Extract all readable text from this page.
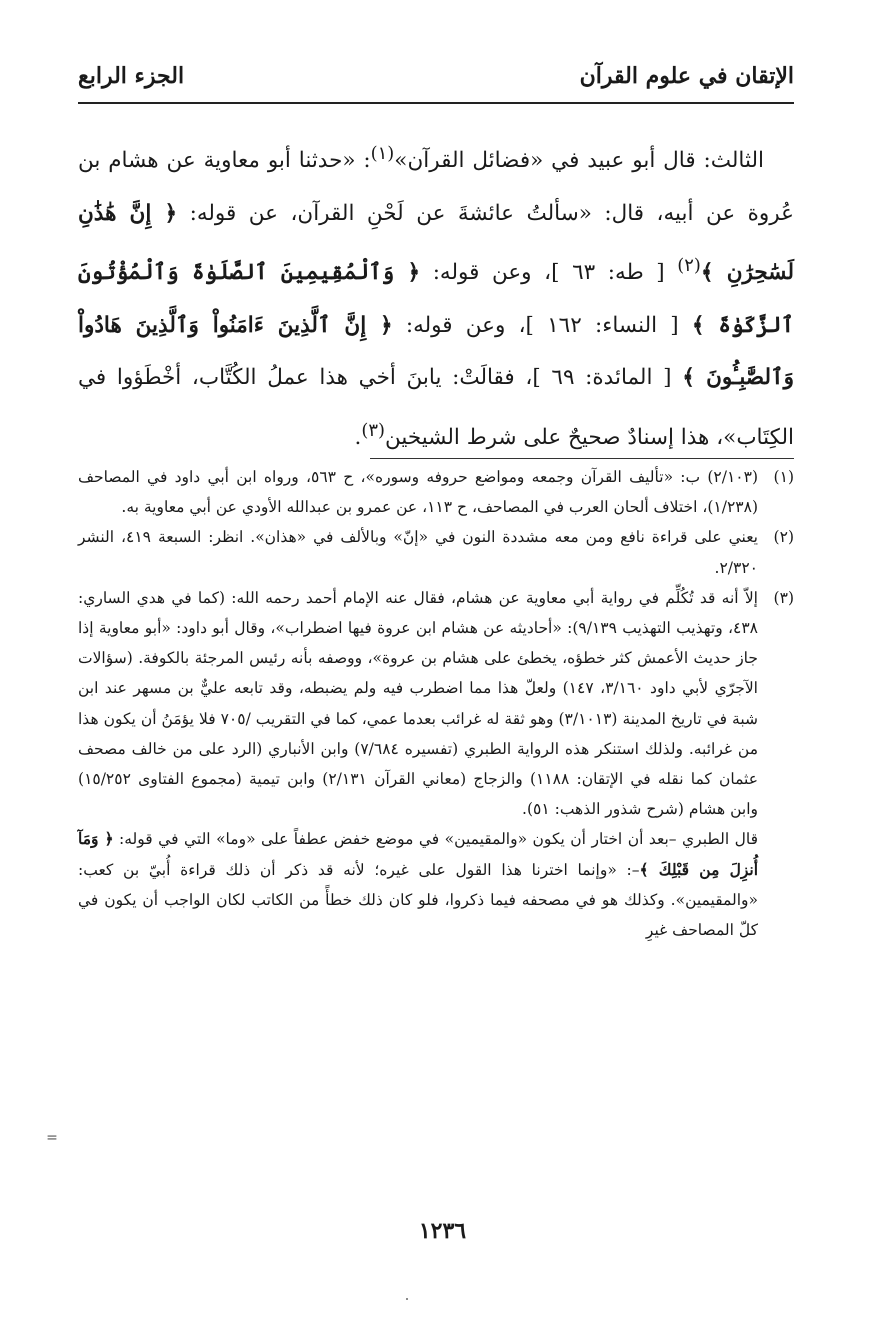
الإتقان في علوم القرآن
الجزء الرابع

الثالث: قال أبو عبيد في «فضائل القرآن»$^{(١)}$: «حدثنا أبو معاوية عن هشام بن عُروة عن أبيه، قال: «سألتُ عائشةَ عن لَحْنِ القرآن، عن قوله: ﴿ إِنَّ هَٰذَٰنِ لَسَٰحِرَٰنِ ﴾$^{(٢)}$ [ طه: ٦٣ ]، وعن قوله: ﴿ وَٱلْمُقِيمِينَ ٱلصَّلَوٰةَ وَٱلْمُؤْتُونَ ٱلزَّكَوٰةَ ﴾ [ النساء: ١٦٢ ]، وعن قوله: ﴿ إِنَّ ٱلَّذِينَ ءَامَنُواْ وَٱلَّذِينَ هَادُواْ وَٱلصَّٰبِـُٔونَ ﴾ [ المائدة: ٦٩ ]، فقالَتْ: يابنَ أخي هذا عملُ الكُتَّاب، أخْطَؤوا في الكِتَاب»، هذا إسنادٌ صحيحٌ على شرط الشيخين$^{(٣)}$.

(١)(٢/١٠٣) ب: «تأليف القرآن وجمعه ومواضع حروفه وسوره»، ح ٥٦٣، ورواه ابن أبي داود في المصاحف (١/٢٣٨)، اختلاف ألحان العرب في المصاحف، ح ١١٣، عن عمرو بن عبدالله الأودي عن أبي معاوية به.
(٢)يعني على قراءة نافع ومن معه مشددة النون في «إنّ» وبالألف في «هذان». انظر: السبعة ٤١٩، النشر ٢/٣٢٠.
(٣)إلاّ أنه قد تُكُلِّم في رواية أبي معاوية عن هشام، فقال عنه الإمام أحمد رحمه الله: (كما في هدي الساري: ٤٣٨، وتهذيب التهذيب ٩/١٣٩): «أحاديثه عن هشام ابن عروة فيها اضطراب»، وقال أبو داود: «أبو معاوية إذا جاز حديث الأعمش كثر خطؤه، يخطئ على هشام بن عروة»، ووصفه بأنه رئيس المرجئة بالكوفة. (سؤالات الآجرّي لأبي داود ٣/١٦٠، ١٤٧) ولعلّ هذا مما اضطرب فيه ولم يضبطه، وقد تابعه عليٌّ بن مسهر عند ابن شبة في تاريخ المدينة (٣/١٠١٣) وهو ثقة له غرائب بعدما عمي، كما في التقريب /٧٠٥ فلا يؤمَنُ أن يكون هذا من غرائبه. ولذلك استنكر هذه الرواية الطبري (تفسيره ٧/٦٨٤) وابن الأنباري (الرد على من خالف مصحف عثمان كما نقله في الإتقان: ١١٨٨) والزجاج (معاني القرآن ٢/١٣١) وابن تيمية (مجموع الفتاوى ١٥/٢٥٢) وابن هشام (شرح شذور الذهب: ٥١).

قال الطبري –بعد أن اختار أن يكون «والمقيمين» في موضع خفض عطفاً على «وما» التي في قوله: ﴿ وَمَآ أُنزِلَ مِن قَبْلِكَ ﴾–: «وإنما اخترنا هذا القول على غيره؛ لأنه قد ذكر أن ذلك قراءة أُبيّ بن كعب: «والمقيمين». وكذلك هو في مصحفه فيما ذكروا، فلو كان ذلك خطأً من الكاتب لكان الواجب أن يكون في كلّ المصاحف غيرِ

=
١٢٣٦
